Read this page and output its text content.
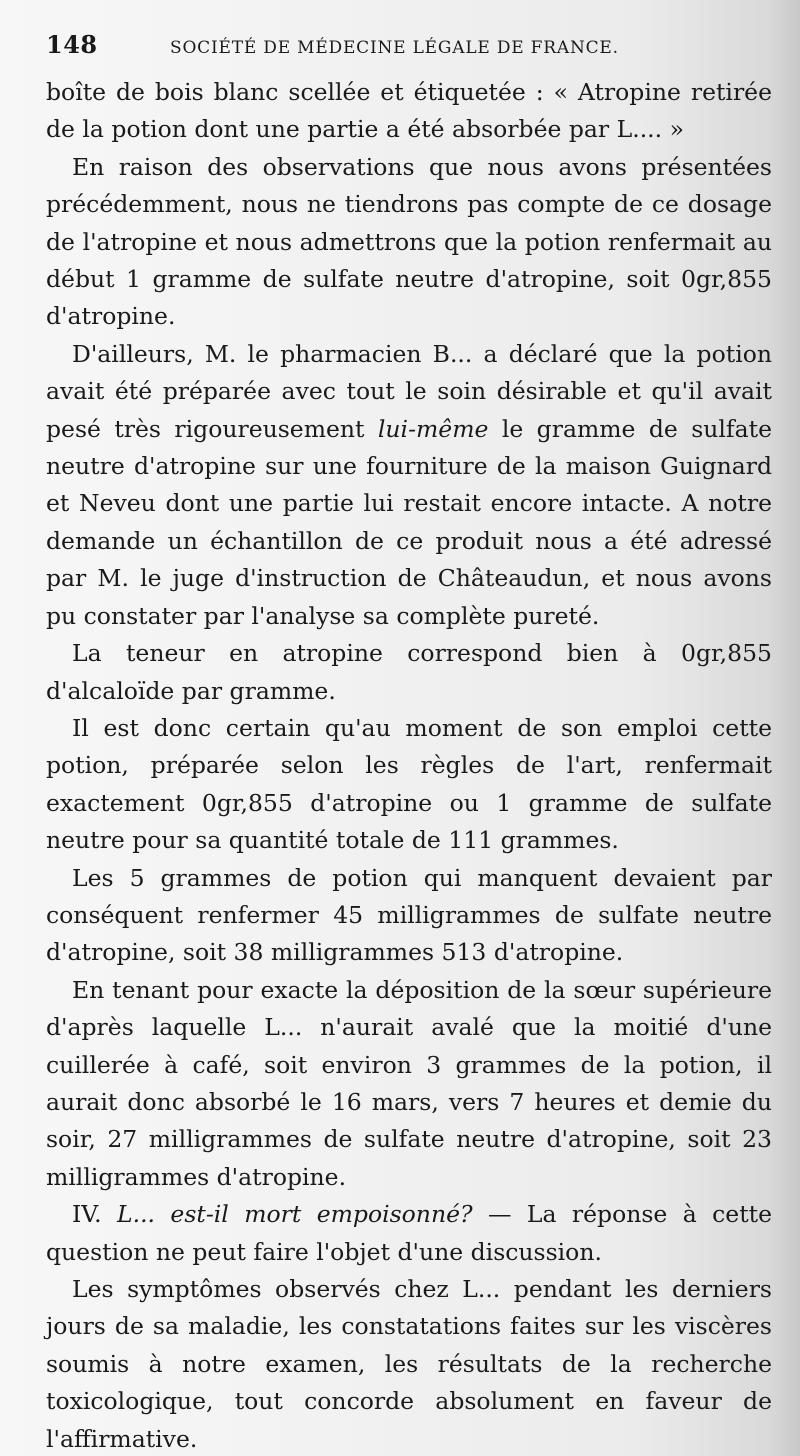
148	SOCIÉTÉ DE MÉDECINE LÉGALE DE FRANCE.

boîte de bois blanc scellée et étiquetée : « Atropine retirée de la potion dont une partie a été absorbée par L.... »

En raison des observations que nous avons présentées précédemment, nous ne tiendrons pas compte de ce dosage de l'atropine et nous admettrons que la potion renfermait au début 1 gramme de sulfate neutre d'atropine, soit 0gr,855 d'atropine.

D'ailleurs, M. le pharmacien B... a déclaré que la potion avait été préparée avec tout le soin désirable et qu'il avait pesé très rigoureusement lui-même le gramme de sulfate neutre d'atropine sur une fourniture de la maison Guignard et Neveu dont une partie lui restait encore intacte. A notre demande un échantillon de ce produit nous a été adressé par M. le juge d'instruction de Châteaudun, et nous avons pu constater par l'analyse sa complète pureté.

La teneur en atropine correspond bien à 0gr,855 d'alcaloïde par gramme.

Il est donc certain qu'au moment de son emploi cette potion, préparée selon les règles de l'art, renfermait exactement 0gr,855 d'atropine ou 1 gramme de sulfate neutre pour sa quantité totale de 111 grammes.

Les 5 grammes de potion qui manquent devaient par conséquent renfermer 45 milligrammes de sulfate neutre d'atropine, soit 38 milligrammes 513 d'atropine.

En tenant pour exacte la déposition de la sœur supérieure d'après laquelle L... n'aurait avalé que la moitié d'une cuillerée à café, soit environ 3 grammes de la potion, il aurait donc absorbé le 16 mars, vers 7 heures et demie du soir, 27 milligrammes de sulfate neutre d'atropine, soit 23 milligrammes d'atropine.

IV. L... est-il mort empoisonné? — La réponse à cette question ne peut faire l'objet d'une discussion.

Les symptômes observés chez L... pendant les derniers jours de sa maladie, les constatations faites sur les viscères soumis à notre examen, les résultats de la recherche toxicologique, tout concorde absolument en faveur de l'affirmative.
